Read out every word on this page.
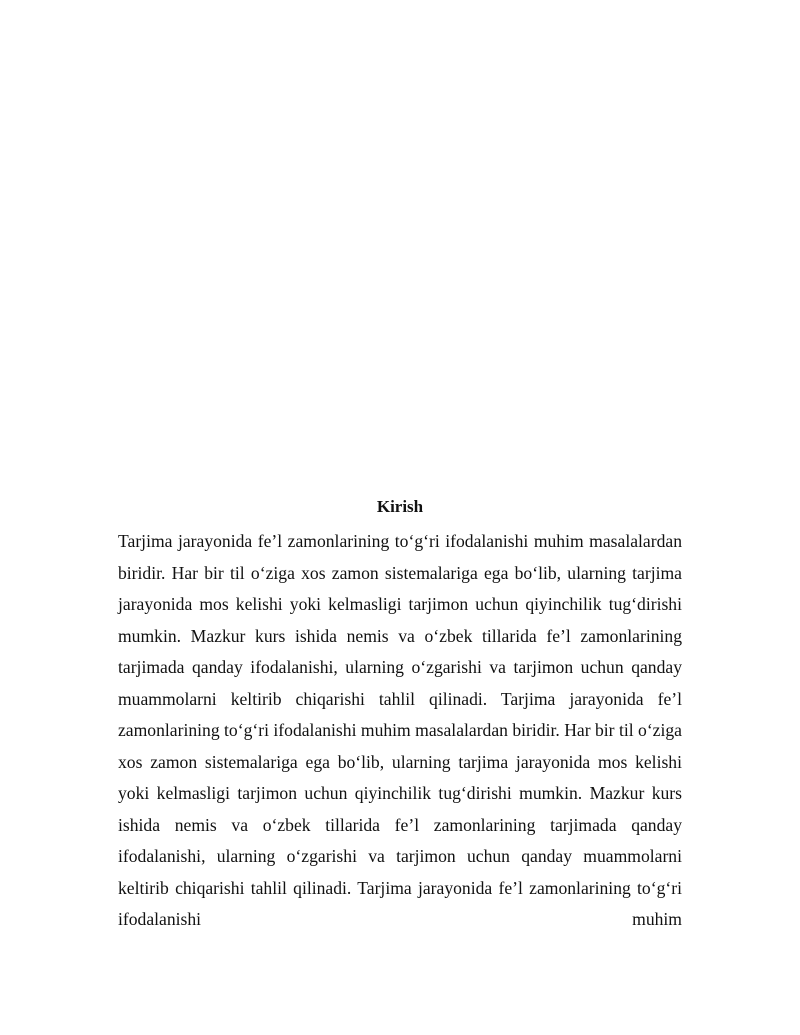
Kirish

Tarjima jarayonida fe’l zamonlarining to‘g‘ri ifodalanishi muhim masalalardan biridir. Har bir til o‘ziga xos zamon sistemalariga ega bo‘lib, ularning tarjima jarayonida mos kelishi yoki kelmasligi tarjimon uchun qiyinchilik tug‘dirishi mumkin. Mazkur kurs ishida nemis va o‘zbek tillarida fe’l zamonlarining tarjimada qanday ifodalanishi, ularning o‘zgarishi va tarjimon uchun qanday muammolarni keltirib chiqarishi tahlil qilinadi. Tarjima jarayonida fe’l zamonlarining to‘g‘ri ifodalanishi muhim masalalardan biridir. Har bir til o‘ziga xos zamon sistemalariga ega bo‘lib, ularning tarjima jarayonida mos kelishi yoki kelmasligi tarjimon uchun qiyinchilik tug‘dirishi mumkin. Mazkur kurs ishida nemis va o‘zbek tillarida fe’l zamonlarining tarjimada qanday ifodalanishi, ularning o‘zgarishi va tarjimon uchun qanday muammolarni keltirib chiqarishi tahlil qilinadi. Tarjima jarayonida fe’l zamonlarining to‘g‘ri ifodalanishi muhim
